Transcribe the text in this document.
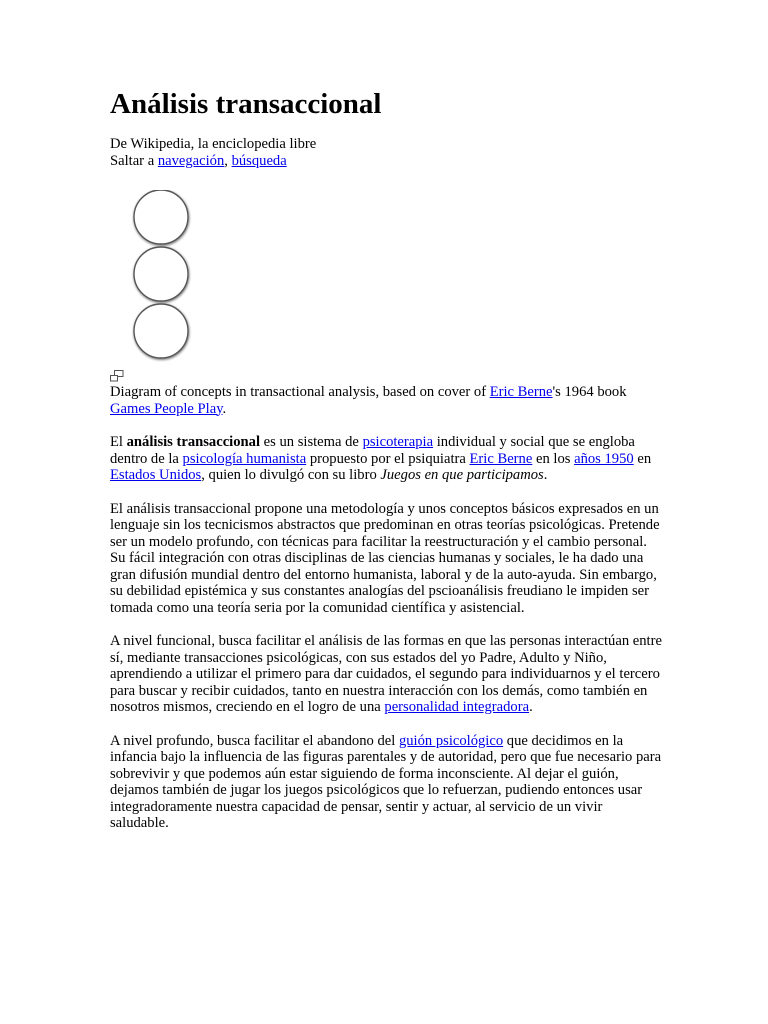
Análisis transaccional
De Wikipedia, la enciclopedia libre
Saltar a navegación, búsqueda
Diagram of concepts in transactional analysis, based on cover of Eric Berne's 1964 book Games People Play.

El análisis transaccional es un sistema de psicoterapia individual y social que se engloba dentro de la psicología humanista propuesto por el psiquiatra Eric Berne en los años 1950 en Estados Unidos, quien lo divulgó con su libro Juegos en que participamos.

El análisis transaccional propone una metodología y unos conceptos básicos expresados en un lenguaje sin los tecnicismos abstractos que predominan en otras teorías psicológicas. Pretende ser un modelo profundo, con técnicas para facilitar la reestructuración y el cambio personal. Su fácil integración con otras disciplinas de las ciencias humanas y sociales, le ha dado una gran difusión mundial dentro del entorno humanista, laboral y de la auto-ayuda. Sin embargo, su debilidad epistémica y sus constantes analogías del pscioanálisis freudiano le impiden ser tomada como una teoría seria por la comunidad científica y asistencial.

A nivel funcional, busca facilitar el análisis de las formas en que las personas interactúan entre sí, mediante transacciones psicológicas, con sus estados del yo Padre, Adulto y Niño, aprendiendo a utilizar el primero para dar cuidados, el segundo para individuarnos y el tercero para buscar y recibir cuidados, tanto en nuestra interacción con los demás, como también en nosotros mismos, creciendo en el logro de una personalidad integradora.

A nivel profundo, busca facilitar el abandono del guión psicológico que decidimos en la infancia bajo la influencia de las figuras parentales y de autoridad, pero que fue necesario para sobrevivir y que podemos aún estar siguiendo de forma inconsciente. Al dejar el guión, dejamos también de jugar los juegos psicológicos que lo refuerzan, pudiendo entonces usar integradoramente nuestra capacidad de pensar, sentir y actuar, al servicio de un vivir saludable.
